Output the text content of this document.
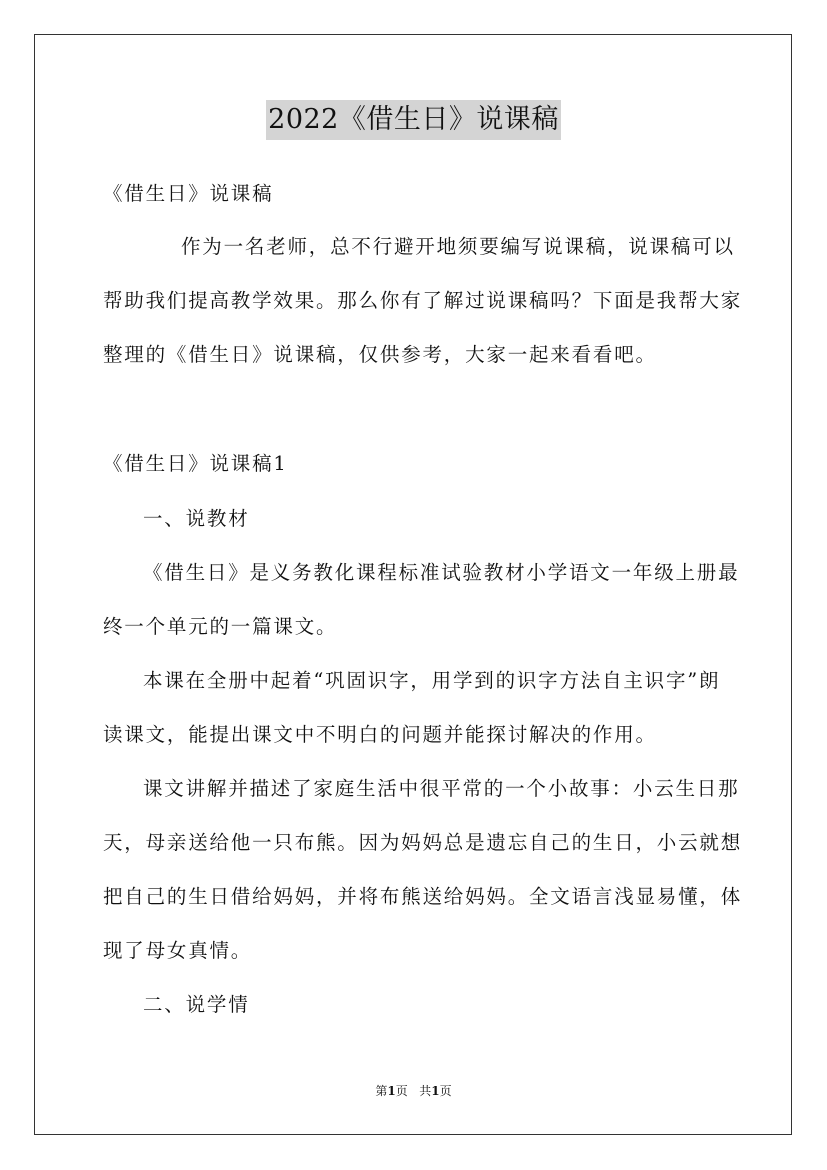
2022《借生日》说课稿
《借生日》说课稿
作为一名老师，总不行避开地须要编写说课稿，说课稿可以
帮助我们提高教学效果。那么你有了解过说课稿吗？下面是我帮大家
整理的《借生日》说课稿，仅供参考，大家一起来看看吧。
《借生日》说课稿1
一、说教材
《借生日》是义务教化课程标准试验教材小学语文一年级上册最
终一个单元的一篇课文。
本课在全册中起着“巩固识字，用学到的识字方法自主识字”朗
读课文，能提出课文中不明白的问题并能探讨解决的作用。
课文讲解并描述了家庭生活中很平常的一个小故事：小云生日那
天，母亲送给他一只布熊。因为妈妈总是遗忘自己的生日，小云就想
把自己的生日借给妈妈，并将布熊送给妈妈。全文语言浅显易懂，体
现了母女真情。
二、说学情
第1页 共1页
